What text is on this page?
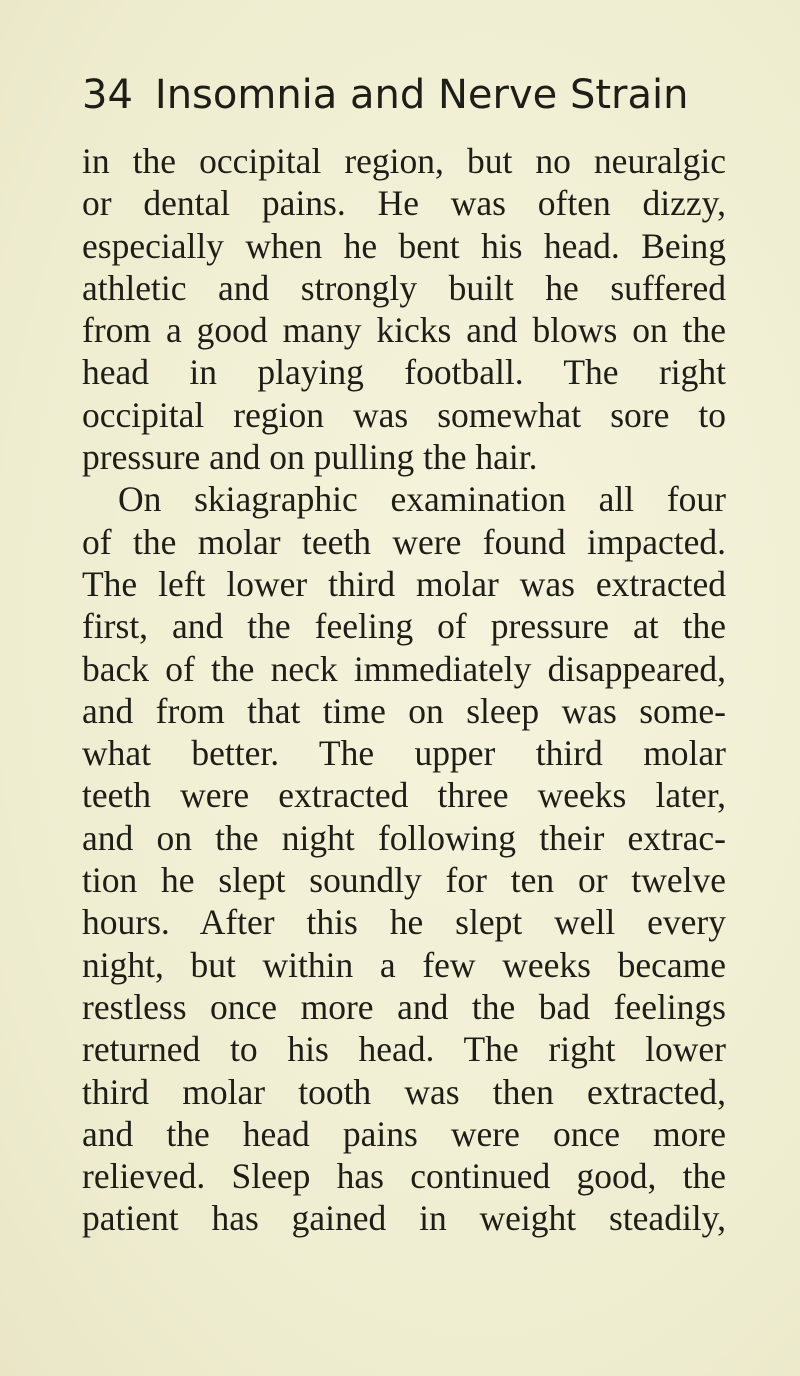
34 Insomnia and Nerve Strain
in the occipital region, but no neuralgic
or dental pains. He was often dizzy,
especially when he bent his head. Being
athletic and strongly built he suffered
from a good many kicks and blows on the
head in playing football. The right
occipital region was somewhat sore to
pressure and on pulling the hair.
On skiagraphic examination all four
of the molar teeth were found impacted.
The left lower third molar was extracted
first, and the feeling of pressure at the
back of the neck immediately disappeared,
and from that time on sleep was some-
what better. The upper third molar
teeth were extracted three weeks later,
and on the night following their extrac-
tion he slept soundly for ten or twelve
hours. After this he slept well every
night, but within a few weeks became
restless once more and the bad feelings
returned to his head. The right lower
third molar tooth was then extracted,
and the head pains were once more
relieved. Sleep has continued good, the
patient has gained in weight steadily,
